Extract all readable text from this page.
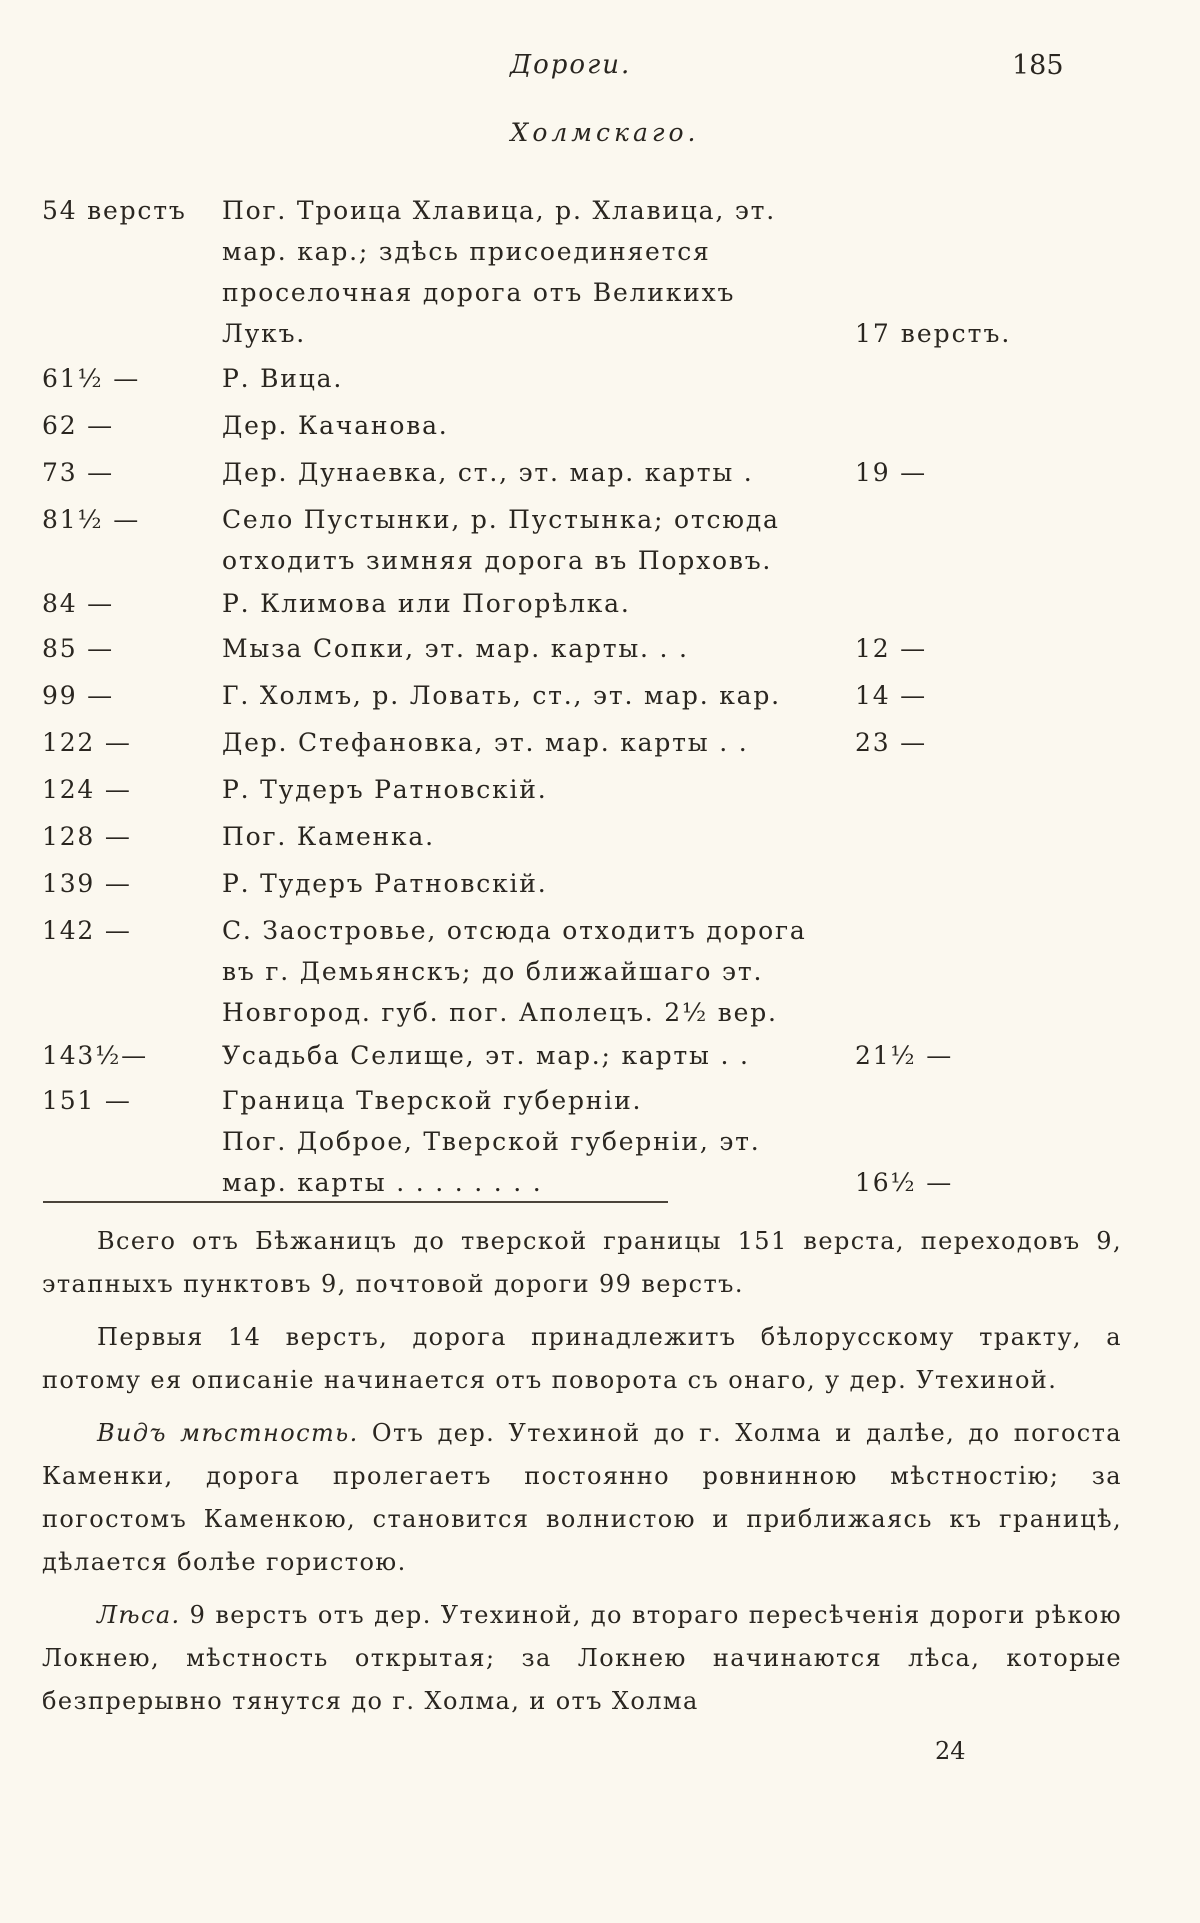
Дороги.	185
Холмскаго.
54 верстъ Пог. Троица Хлавица, р. Хлавица, эт. мар. кар.; здѣсь присоединяется проселочная дорога отъ Великихъ Лукъ.	17 верстъ.
61½ —	Р. Вица.
62 —	Дер. Качанова.
73 —	Дер. Дунаевка, ст., эт. мар. карты .	19 —
81½ —	Село Пустынки, р. Пустынка; отсюда отходитъ зимняя дорога въ Порховъ.
84 —	Р. Климова или Погорѣлка.
85 —	Мыза Сопки, эт. мар. карты. . .	12 —
99 —	Г. Холмъ, р. Ловать, ст., эт. мар. кар.	14 —
122 —	Дер. Стефановка, эт. мар. карты . .	23 —
124 —	Р. Тудеръ Ратновскій.
128 —	Пог. Каменка.
139 —	Р. Тудеръ Ратновскій.
142 —	С. Заостровье, отсюда отходитъ дорога въ г. Демьянскъ; до ближайшаго эт. Новгород. губ. пог. Аполецъ. 2½ вер.
143½—	Усадьба Селище, эт. мар.; карты . .	21½ —
151 —	Граница Тверской губерніи.
Пог. Доброе, Тверской губерніи, эт. мар. карты . . . . . . . .	16½ —

Всего отъ Бѣжаницъ до тверской границы 151 верста, переходовъ 9, этапныхъ пунктовъ 9, почтовой дороги 99 верстъ.

Первыя 14 верстъ, дорога принадлежитъ бѣлорусскому тракту, а потому ея описаніе начинается отъ поворота съ онаго, у дер. Утехиной.

Видъ мѣстность. Отъ дер. Утехиной до г. Холма и далѣе, до погоста Каменки, дорога пролегаетъ постоянно ровнинною мѣстностію; за погостомъ Каменкою, становится волнистою и приближаясь къ границѣ, дѣлается болѣе гористою.

Лѣса. 9 верстъ отъ дер. Утехиной, до втораго пересѣченія дороги рѣкою Локнею, мѣстность открытая; за Локнею начинаются лѣса, которые безпрерывно тянутся до г. Холма, и отъ Холма

24
